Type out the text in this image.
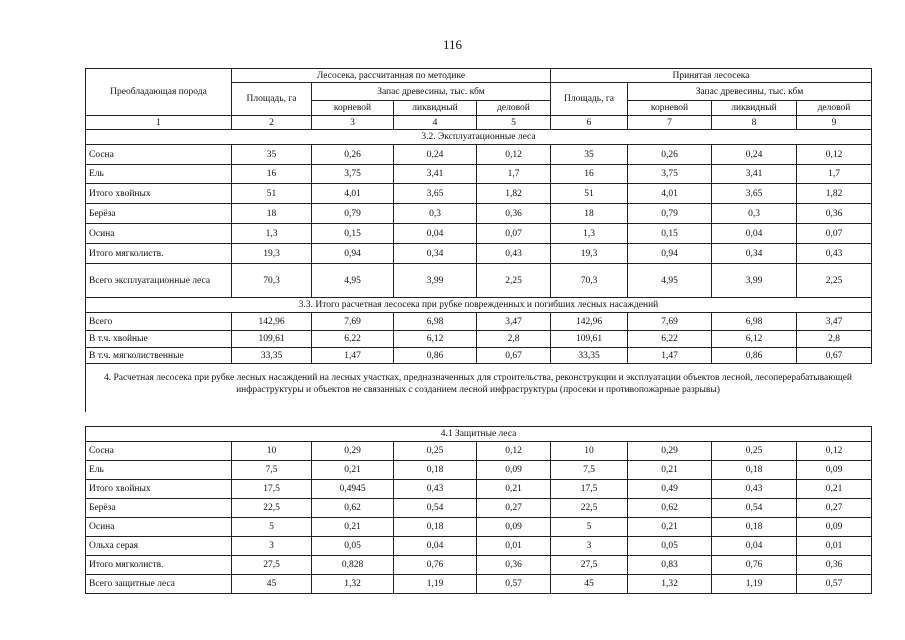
116
Преобладающая порода	Лесосека, рассчитанная по методике				Принятая лесосека			
	Площадь, га	Запас древесины, тыс. кбм			Площадь, га	Запас древесины, тыс. кбм		
		корневой	ликвидный	деловой		корневой	ликвидный	деловой
1	2	3	4	5	6	7	8	9
3.2. Эксплуатационные леса								
Сосна	35	0,26	0,24	0,12	35	0,26	0,24	0,12
Ель	16	3,75	3,41	1,7	16	3,75	3,41	1,7
Итого хвойных	51	4,01	3,65	1,82	51	4,01	3,65	1,82
Берёза	18	0,79	0,3	0,36	18	0,79	0,3	0,36
Осина	1,3	0,15	0,04	0,07	1,3	0,15	0,04	0,07
Итого мягколиств.	19,3	0,94	0,34	0,43	19,3	0,94	0,34	0,43
Всего эксплуатационные леса	70,3	4,95	3,99	2,25	70,3	4,95	3,99	2,25
3.3. Итого расчетная лесосека при рубке поврежденных и погибших лесных насаждений								
Всего	142,96	7,69	6,98	3,47	142,96	7,69	6,98	3,47
В т.ч. хвойные	109,61	6,22	6,12	2,8	109,61	6,22	6,12	2,8
В т.ч. мягколиственные	33,35	1,47	0,86	0,67	33,35	1,47	0,86	0,67
4. Расчетная лесосека при рубке лесных насаждений на лесных участках, предназначенных для строительства, реконструкции и эксплуатации объектов лесной, лесоперерабатывающей инфраструктуры и объектов не связанных с созданием лесной инфраструктуры (просеки и противопожарные разрывы)
4.1 Защитные леса								
Сосна	10	0,29	0,25	0,12	10	0,29	0,25	0,12
Ель	7,5	0,21	0,18	0,09	7,5	0,21	0,18	0,09
Итого хвойных	17,5	0,4945	0,43	0,21	17,5	0,49	0,43	0,21
Берёза	22,5	0,62	0,54	0,27	22,5	0,62	0,54	0,27
Осина	5	0,21	0,18	0,09	5	0,21	0,18	0,09
Ольха серая	3	0,05	0,04	0,01	3	0,05	0,04	0,01
Итого мягколиств.	27,5	0,828	0,76	0,36	27,5	0,83	0,76	0,36
Всего защитные леса	45	1,32	1,19	0,57	45	1,32	1,19	0,57
